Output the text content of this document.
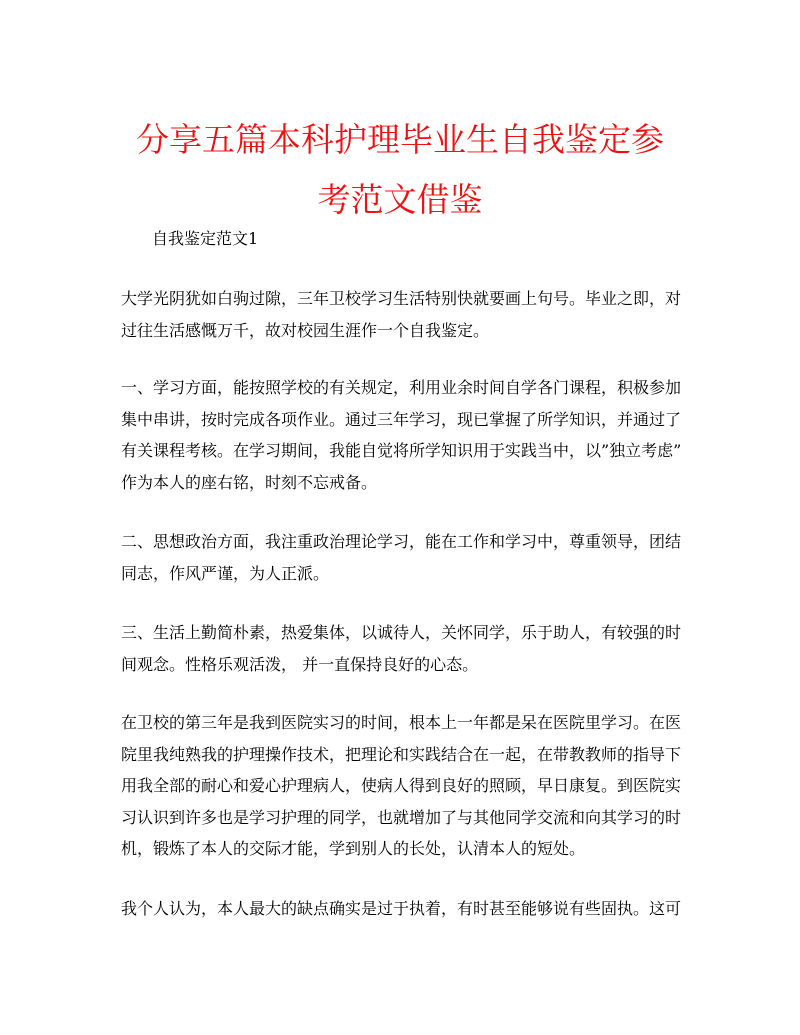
分享五篇本科护理毕业生自我鉴定参考范文借鉴

自我鉴定范文1

大学光阴犹如白驹过隙，三年卫校学习生活特别快就要画上句号。毕业之即，对
过往生活感慨万千，故对校园生涯作一个自我鉴定。

一、学习方面，能按照学校的有关规定，利用业余时间自学各门课程，积极参加
集中串讲，按时完成各项作业。通过三年学习，现已掌握了所学知识，并通过了
有关课程考核。在学习期间，我能自觉将所学知识用于实践当中，以”独立考虑”
作为本人的座右铭，时刻不忘戒备。

二、思想政治方面，我注重政治理论学习，能在工作和学习中，尊重领导，团结
同志，作风严谨，为人正派。

三、生活上勤简朴素，热爱集体，以诚待人，关怀同学，乐于助人，有较强的时
间观念。性格乐观活泼， 并一直保持良好的心态。

在卫校的第三年是我到医院实习的时间，根本上一年都是呆在医院里学习。在医
院里我纯熟我的护理操作技术，把理论和实践结合在一起，在带教教师的指导下
用我全部的耐心和爱心护理病人，使病人得到良好的照顾，早日康复。到医院实
习认识到许多也是学习护理的同学，也就增加了与其他同学交流和向其学习的时
机，锻炼了本人的交际才能，学到别人的长处，认清本人的短处。

我个人认为，本人最大的缺点确实是过于执着，有时甚至能够说有些固执。这可
